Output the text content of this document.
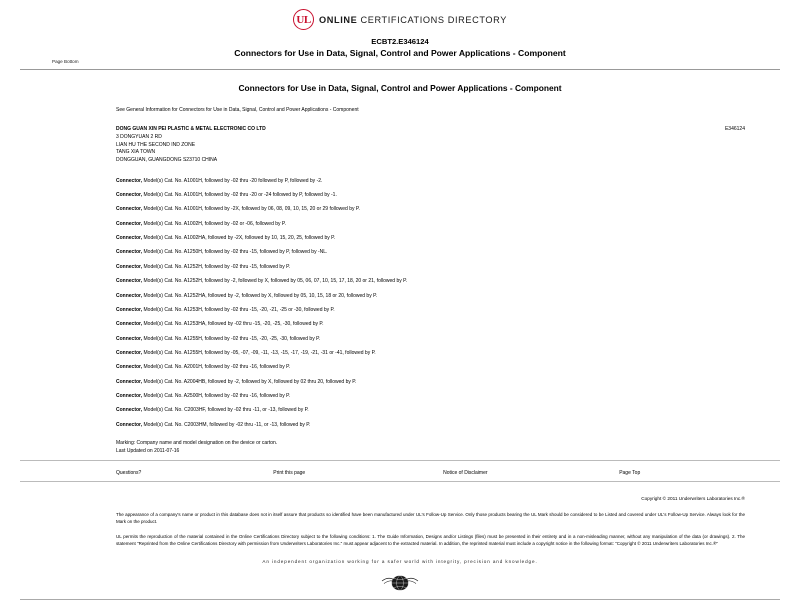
UL ONLINE CERTIFICATIONS DIRECTORY
ECBT2.E346124
Connectors for Use in Data, Signal, Control and Power Applications - Component
Page Bottom
Connectors for Use in Data, Signal, Control and Power Applications - Component
See General Information for Connectors for Use in Data, Signal, Control and Power Applications - Component
DONG GUAN XIN PEI PLASTIC & METAL ELECTRONIC CO LTD
3 DONGYUAN 2 RD
LIAN HU THE SECOND IND ZONE
TANG XIA TOWN
DONGGUAN, GUANGDONG S23710 CHINA
E346124
Connector, Model(s) Cat. No. A1001H, followed by -02 thru -20 followed by P, followed by -2.
Connector, Model(s) Cat. No. A1001H, followed by -02 thru -20 or -24 followed by P, followed by -1.
Connector, Model(s) Cat. No. A1001H, followed by -2X, followed by 06, 08, 09, 10, 15, 20 or 29 followed by P.
Connector, Model(s) Cat. No. A1002H, followed by -02 or -06, followed by P.
Connector, Model(s) Cat. No. A1002HA, followed by -2X, followed by 10, 15, 20, 25, followed by P.
Connector, Model(s) Cat. No. A1250H, followed by -02 thru -15, followed by P, followed by -NL.
Connector, Model(s) Cat. No. A1252H, followed by -02 thru -15, followed by P.
Connector, Model(s) Cat. No. A1252H, followed by -2, followed by X, followed by 05, 06, 07, 10, 15, 17, 18, 20 or 21, followed by P.
Connector, Model(s) Cat. No. A1252HA, followed by -2, followed by X, followed by 05, 10, 15, 18 or 20, followed by P.
Connector, Model(s) Cat. No. A1253H, followed by -02 thru -15, -20, -21, -25 or -30, followed by P.
Connector, Model(s) Cat. No. A1253HA, followed by -02 thru -15, -20, -25, -30, followed by P.
Connector, Model(s) Cat. No. A1255H, followed by -02 thru -15, -20, -25, -30, followed by P.
Connector, Model(s) Cat. No. A1255H, followed by -05, -07, -09, -11, -13, -15, -17, -19, -21, -31 or -41, followed by P.
Connector, Model(s) Cat. No. A2001H, followed by -02 thru -16, followed by P.
Connector, Model(s) Cat. No. A2004HB, followed by -2, followed by X, followed by 02 thru 20, followed by P.
Connector, Model(s) Cat. No. A2500H, followed by -02 thru -16, followed by P.
Connector, Model(s) Cat. No. C2003HF, followed by -02 thru -11, or -13, followed by P.
Connector, Model(s) Cat. No. C2003HM, followed by -02 thru -11, or -13, followed by P.
Marking: Company name and model designation on the device or carton.
Last Updated on 2011-07-16
Questions?	Print this page	Notice of Disclaimer	Page Top
Copyright © 2011 Underwriters Laboratories Inc.®

The appearance of a company's name or product in this database does not in itself assure that products so identified have been manufactured under UL's Follow-Up Service. Only those products bearing the UL Mark should be considered to be Listed and covered under UL's Follow-Up Service. Always look for the Mark on the product.

UL permits the reproduction of the material contained in the Online Certifications Directory subject to the following conditions: 1. The Guide Information, Designs and/or Listings (files) must be presented in their entirety and in a non-misleading manner, without any manipulation of the data (or drawings). 2. The statement "Reprinted from the Online Certifications Directory with permission from Underwriters Laboratories Inc." must appear adjacent to the extracted material. In addition, the reprinted material must include a copyright notice in the following format: "Copyright © 2011 Underwriters Laboratories Inc.®"

An independent organization working for a safer world with integrity, precision and knowledge.
